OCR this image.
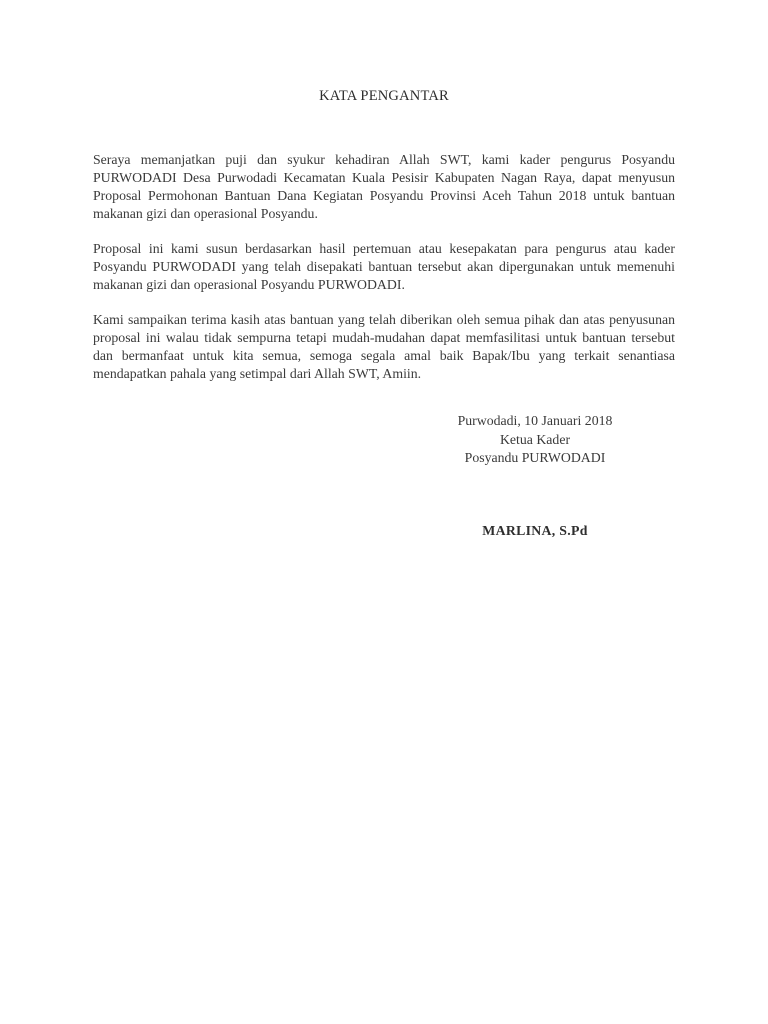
KATA PENGANTAR

Seraya memanjatkan puji dan syukur kehadiran Allah SWT, kami kader pengurus Posyandu PURWODADI Desa Purwodadi Kecamatan Kuala Pesisir Kabupaten Nagan Raya, dapat menyusun Proposal Permohonan Bantuan Dana Kegiatan Posyandu Provinsi Aceh Tahun 2018 untuk bantuan makanan gizi dan operasional Posyandu.

Proposal ini kami susun berdasarkan hasil pertemuan atau kesepakatan para pengurus atau kader Posyandu PURWODADI yang telah disepakati bantuan tersebut akan dipergunakan untuk memenuhi makanan gizi dan operasional Posyandu PURWODADI.

Kami sampaikan terima kasih atas bantuan yang telah diberikan oleh semua pihak dan atas penyusunan proposal ini walau tidak sempurna tetapi mudah-mudahan dapat memfasilitasi untuk bantuan tersebut dan bermanfaat untuk kita semua, semoga segala amal baik Bapak/Ibu yang terkait senantiasa mendapatkan pahala yang setimpal dari Allah SWT, Amiin.

Purwodadi, 10 Januari 2018
Ketua Kader
Posyandu PURWODADI
MARLINA, S.Pd
